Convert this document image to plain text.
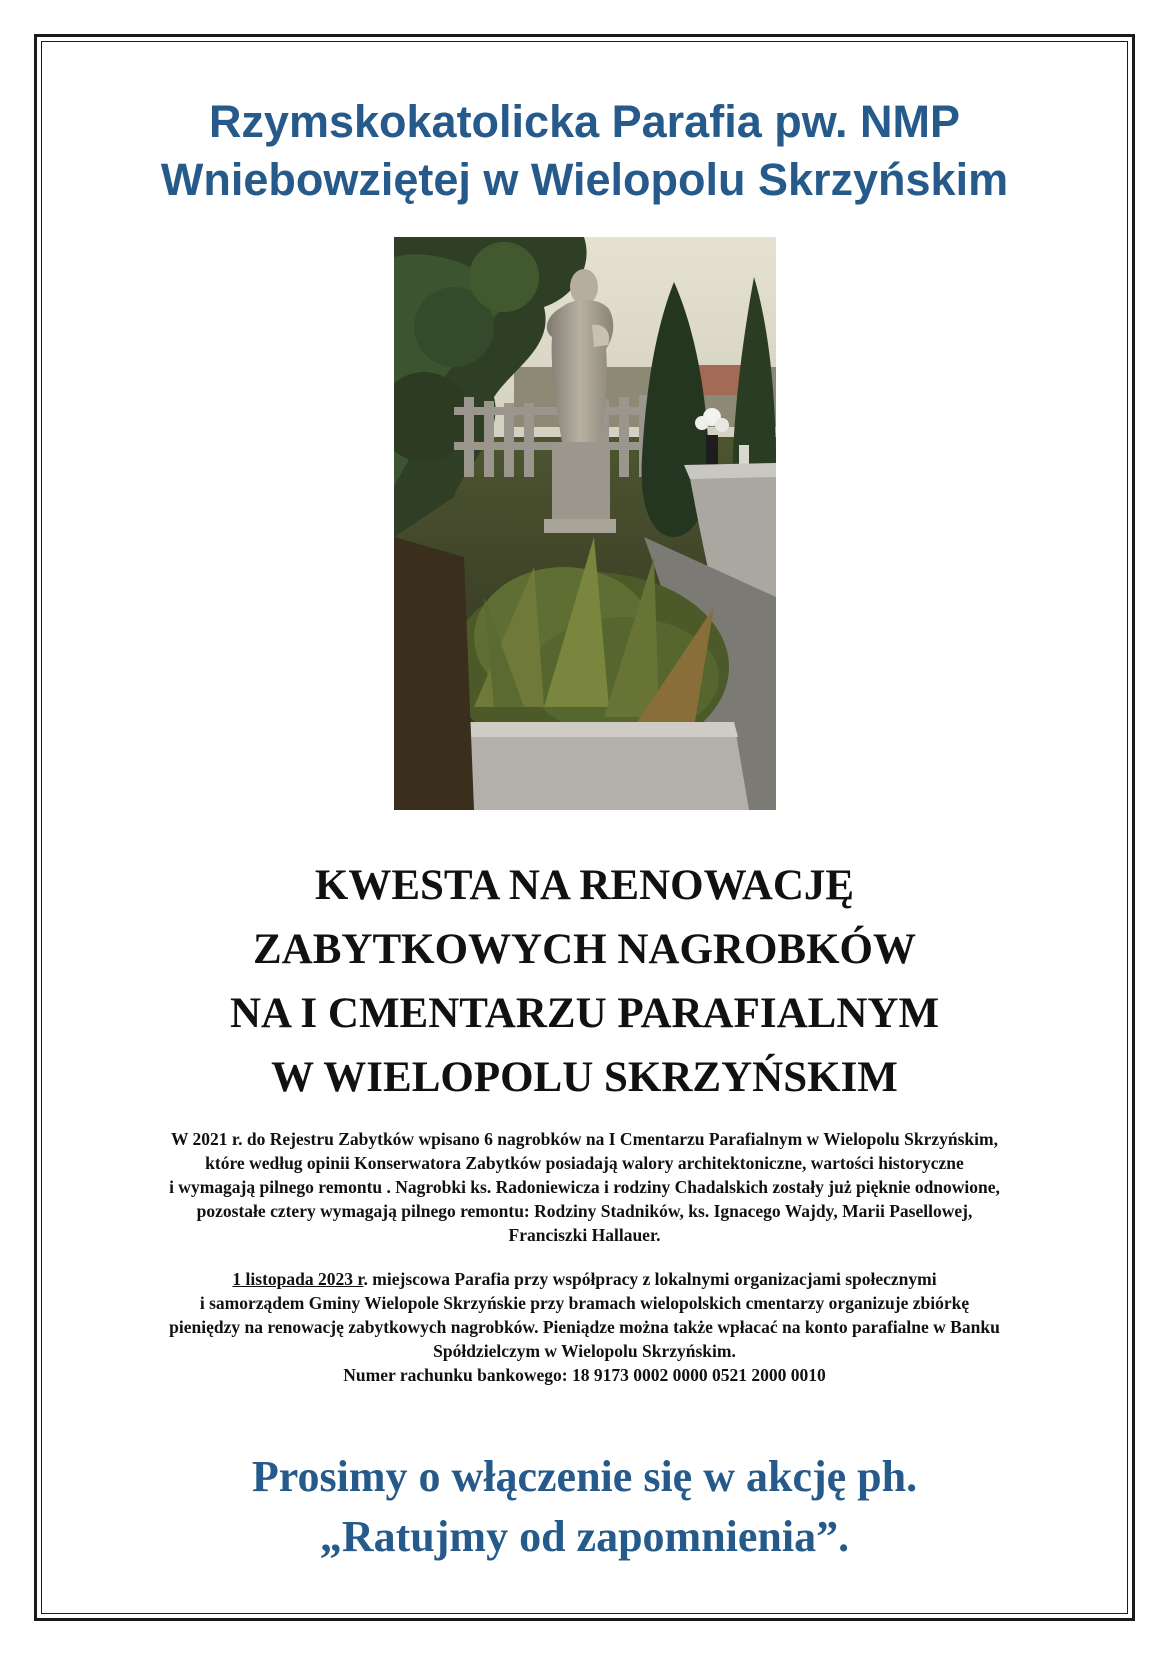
Rzymskokatolicka Parafia pw. NMP
Wniebowziętej w Wielopolu Skrzyńskim
KWESTA NA RENOWACJĘ
ZABYTKOWYCH NAGROBKÓW
NA I CMENTARZU PARAFIALNYM
W WIELOPOLU SKRZYŃSKIM

W 2021 r. do Rejestru Zabytków wpisano 6 nagrobków na I Cmentarzu Parafialnym w Wielopolu Skrzyńskim,
które według opinii Konserwatora Zabytków posiadają walory architektoniczne, wartości historyczne
i wymagają pilnego remontu . Nagrobki ks. Radoniewicza i rodziny Chadalskich zostały już pięknie odnowione,
pozostałe cztery wymagają pilnego remontu: Rodziny Stadników, ks. Ignacego Wajdy, Marii Pasellowej,
Franciszki Hallauer.

1 listopada 2023 r. miejscowa Parafia przy współpracy z lokalnymi organizacjami społecznymi
i samorządem Gminy Wielopole Skrzyńskie przy bramach wielopolskich cmentarzy organizuje zbiórkę
pieniędzy na renowację zabytkowych nagrobków. Pieniądze można także wpłacać na konto parafialne w Banku
Spółdzielczym w Wielopolu Skrzyńskim.
Numer rachunku bankowego: 18 9173 0002 0000 0521 2000 0010

Prosimy o włączenie się w akcję ph.
„Ratujmy od zapomnienia”.
